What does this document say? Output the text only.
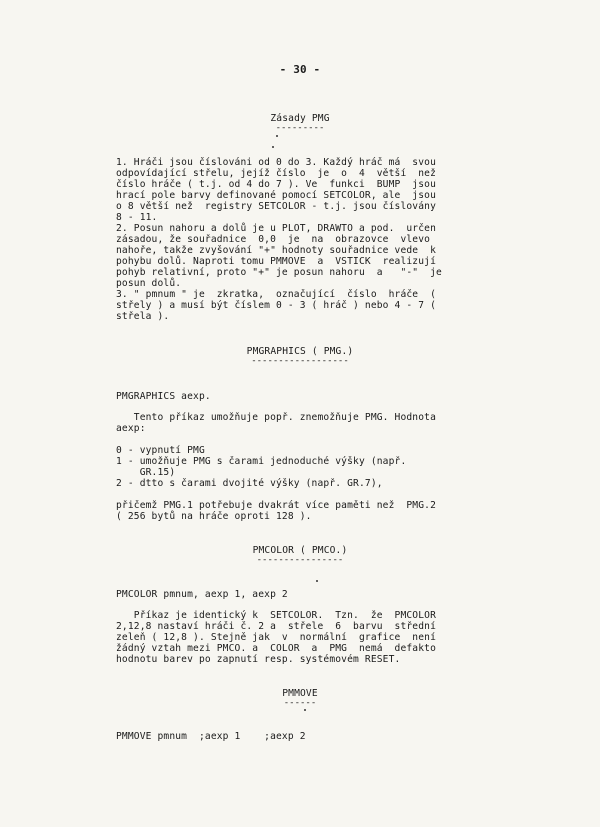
- 30 -
Zásady PMG
---------
1. Hráči jsou číslováni od 0 do 3. Každý hráč má  svou
odpovídající střelu, jejíž číslo  je  o  4  větší  než
číslo hráče ( t.j. od 4 do 7 ). Ve  funkci  BUMP  jsou
hrací pole barvy definované pomocí SETCOLOR, ale  jsou
o 8 větší než  registry SETCOLOR - t.j. jsou číslovány
8 - 11.
2. Posun nahoru a dolů je u PLOT, DRAWTO a pod.  určen
zásadou, že souřadnice  0,0  je  na  obrazovce  vlevo
nahoře, takže zvyšování "+" hodnoty souřadnice vede  k
pohybu dolů. Naproti tomu PMMOVE  a  VSTICK  realizují
pohyb relativní, proto "+" je posun nahoru  a   "-"  je
posun dolů.
3. " pmnum " je  zkratka,  označující  číslo  hráče  (
střely ) a musí být číslem 0 - 3 ( hráč ) nebo 4 - 7 (
střela ).
PMGRAPHICS ( PMG.)
------------------
PMGRAPHICS aexp.
Tento příkaz umožňuje popř. znemožňuje PMG. Hodnota
aexp:
0 - vypnutí PMG
1 - umožňuje PMG s čarami jednoduché výšky (např.
GR.15)
2 - dtto s čarami dvojité výšky (např. GR.7),
přičemž PMG.1 potřebuje dvakrát více paměti než  PMG.2
( 256 bytů na hráče oproti 128 ).
PMCOLOR ( PMCO.)
----------------
PMCOLOR pmnum, aexp 1, aexp 2
Příkaz je identický k  SETCOLOR.  Tzn.  že  PMCOLOR
2,12,8 nastaví hráči č. 2 a  střele  6  barvu  střední
zeleň ( 12,8 ). Stejně jak  v  normální  grafice  není
žádný vztah mezi PMCO. a  COLOR  a  PMG  nemá  defakto
hodnotu barev po zapnutí resp. systémovém RESET.
PMMOVE
------
PMMOVE pmnum  ;aexp 1    ;aexp 2
